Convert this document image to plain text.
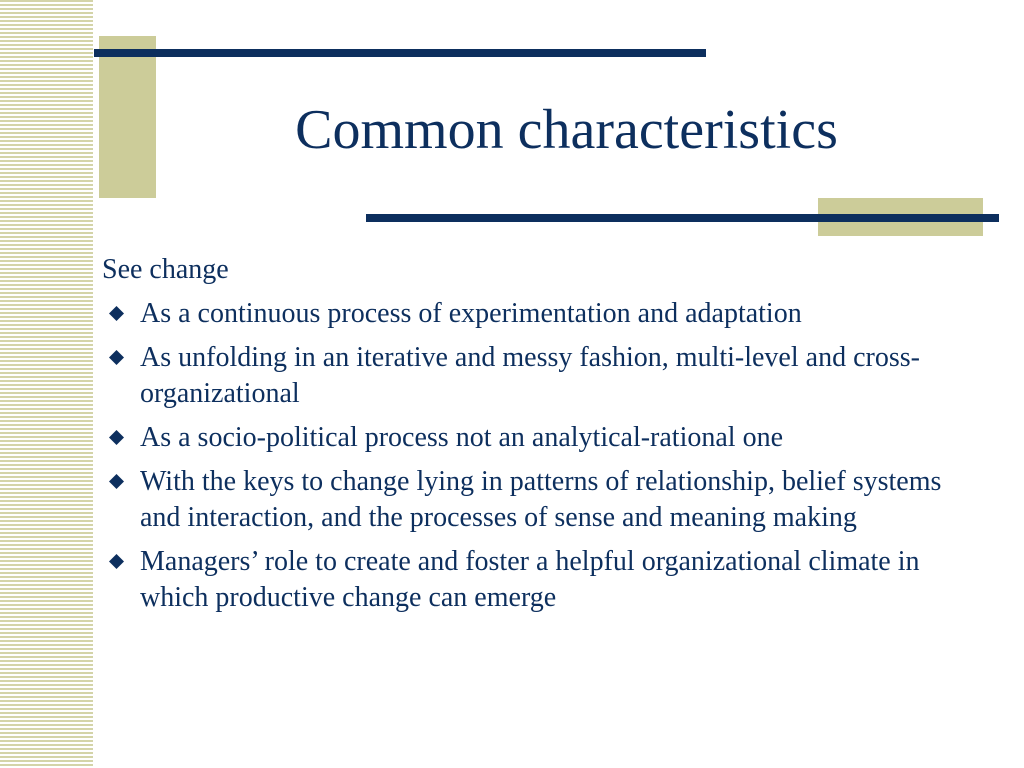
Common characteristics
See change
As a continuous process of experimentation and adaptation
As unfolding in an iterative and messy fashion, multi-level and cross-organizational
As a socio-political process not an analytical-rational one
With the keys to change lying in patterns of relationship, belief systems and interaction, and the processes of sense and meaning making
Managers’ role to create and foster a helpful organizational climate in which productive change can emerge
